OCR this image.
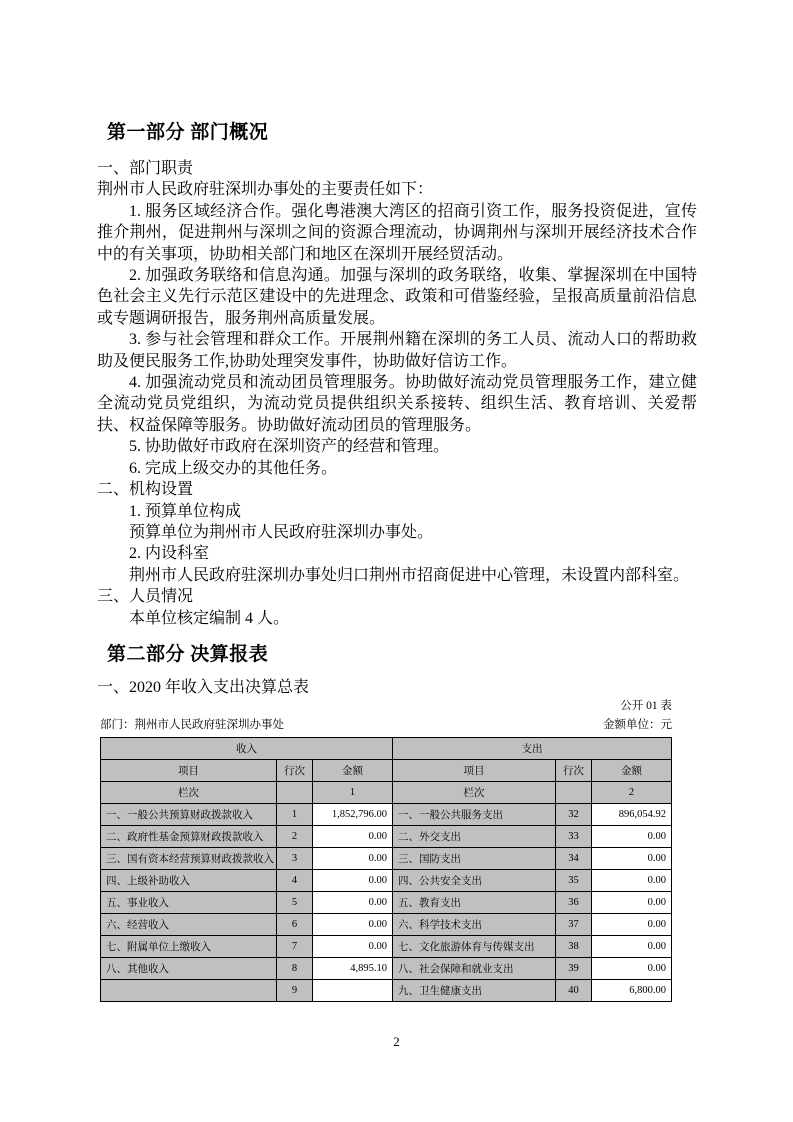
第一部分 部门概况

一、部门职责

荆州市人民政府驻深圳办事处的主要责任如下：

1. 服务区域经济合作。强化粤港澳大湾区的招商引资工作，服务投资促进，宣传推介荆州，促进荆州与深圳之间的资源合理流动，协调荆州与深圳开展经济技术合作中的有关事项，协助相关部门和地区在深圳开展经贸活动。

2. 加强政务联络和信息沟通。加强与深圳的政务联络，收集、掌握深圳在中国特色社会主义先行示范区建设中的先进理念、政策和可借鉴经验，呈报高质量前沿信息或专题调研报告，服务荆州高质量发展。

3. 参与社会管理和群众工作。开展荆州籍在深圳的务工人员、流动人口的帮助救助及便民服务工作,协助处理突发事件，协助做好信访工作。

4. 加强流动党员和流动团员管理服务。协助做好流动党员管理服务工作，建立健全流动党员党组织，为流动党员提供组织关系接转、组织生活、教育培训、关爱帮扶、权益保障等服务。协助做好流动团员的管理服务。

5. 协助做好市政府在深圳资产的经营和管理。

6. 完成上级交办的其他任务。

二、机构设置

1. 预算单位构成

预算单位为荆州市人民政府驻深圳办事处。

2. 内设科室

荆州市人民政府驻深圳办事处归口荆州市招商促进中心管理，未设置内部科室。

三、人员情况

本单位核定编制 4 人。

第二部分 决算报表

一、2020 年收入支出决算总表

公开 01 表
部门：荆州市人民政府驻深圳办事处	金额单位：元
收入			支出		
项目	行次	金额	项目	行次	金额
栏次		1	栏次		2
一、一般公共预算财政拨款收入	1	1,852,796.00	一、一般公共服务支出	32	896,054.92
二、政府性基金预算财政拨款收入	2	0.00	二、外交支出	33	0.00
三、国有资本经营预算财政拨款收入	3	0.00	三、国防支出	34	0.00
四、上级补助收入	4	0.00	四、公共安全支出	35	0.00
五、事业收入	5	0.00	五、教育支出	36	0.00
六、经营收入	6	0.00	六、科学技术支出	37	0.00
七、附属单位上缴收入	7	0.00	七、文化旅游体育与传媒支出	38	0.00
八、其他收入	8	4,895.10	八、社会保障和就业支出	39	0.00
	9		九、卫生健康支出	40	6,800.00
2
